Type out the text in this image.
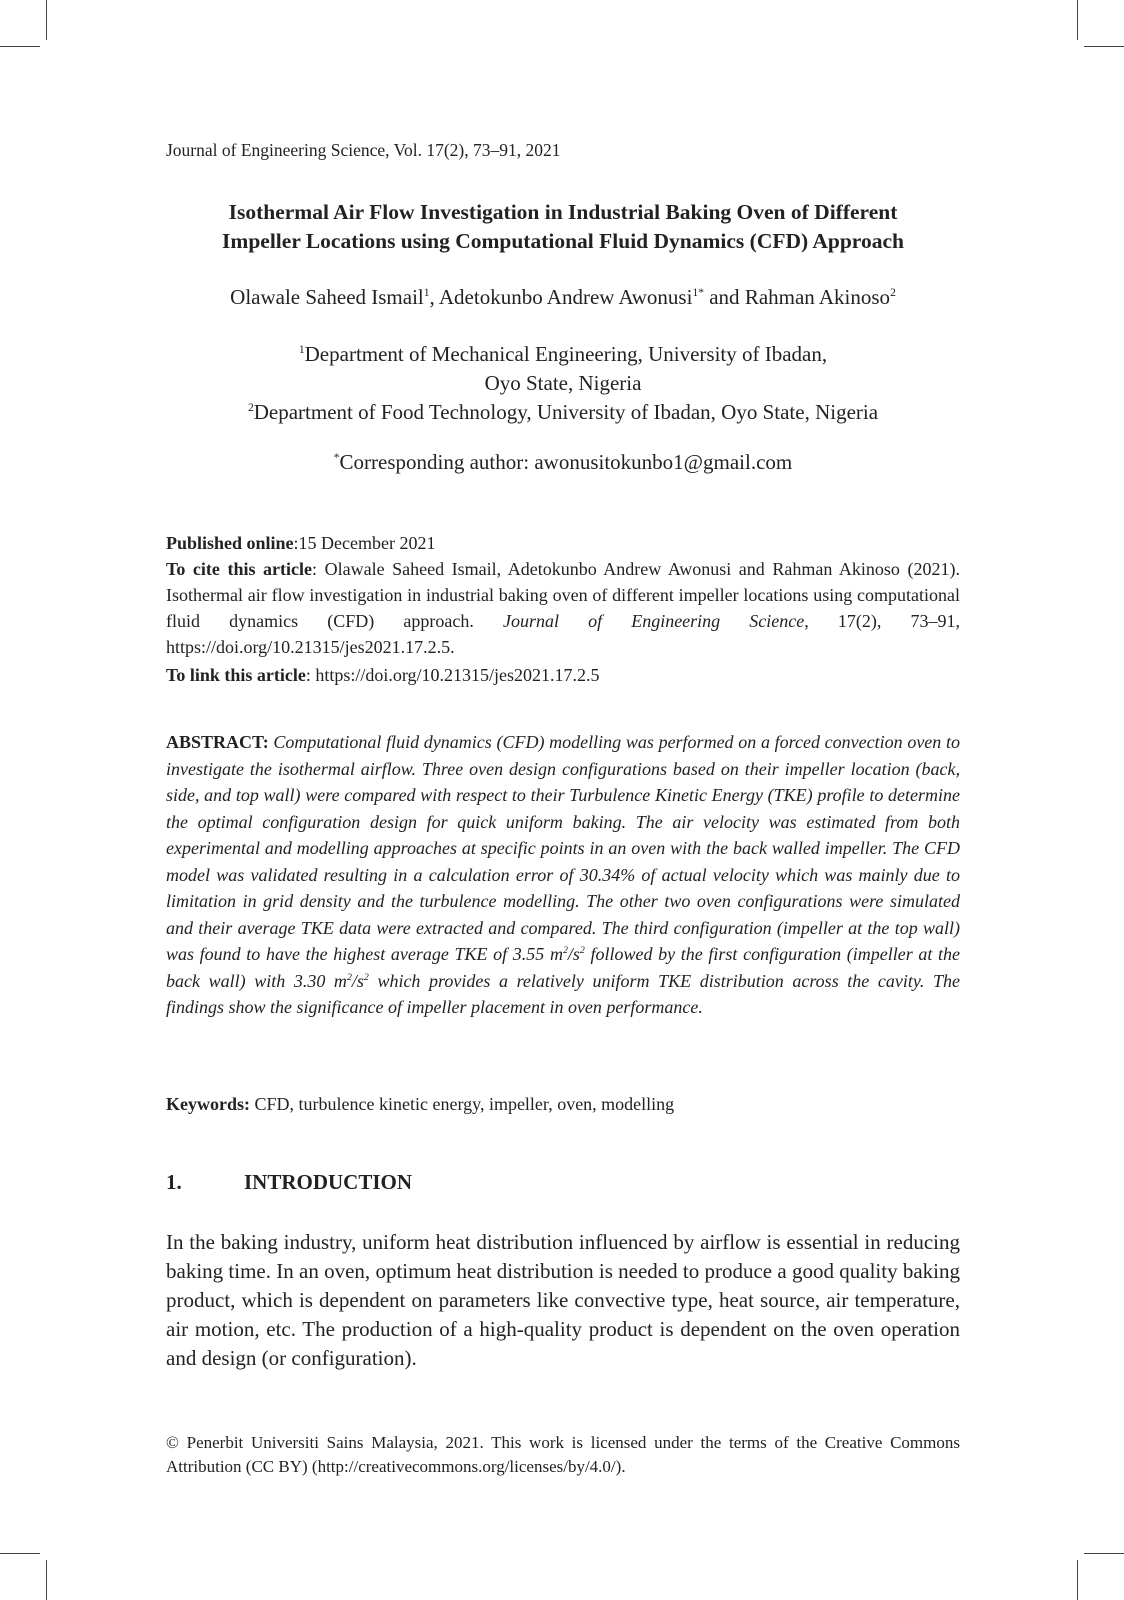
Journal of Engineering Science, Vol. 17(2), 73–91, 2021
Isothermal Air Flow Investigation in Industrial Baking Oven of Different
Impeller Locations using Computational Fluid Dynamics (CFD) Approach
Olawale Saheed Ismail$^1$, Adetokunbo Andrew Awonusi$^{1*}$ and Rahman Akinoso$^2$
$^1$Department of Mechanical Engineering, University of Ibadan,
Oyo State, Nigeria
$^2$Department of Food Technology, University of Ibadan, Oyo State, Nigeria
*Corresponding author: awonusitokunbo1@gmail.com
Published online:15 December 2021
To cite this article: Olawale Saheed Ismail, Adetokunbo Andrew Awonusi and Rahman Akinoso (2021). Isothermal air flow investigation in industrial baking oven of different impeller locations using computational fluid dynamics (CFD) approach. Journal of Engineering Science, 17(2), 73–91, https://doi.org/10.21315/jes2021.17.2.5.
To link this article: https://doi.org/10.21315/jes2021.17.2.5
ABSTRACT: Computational fluid dynamics (CFD) modelling was performed on a forced convection oven to investigate the isothermal airflow. Three oven design configurations based on their impeller location (back, side, and top wall) were compared with respect to their Turbulence Kinetic Energy (TKE) profile to determine the optimal configuration design for quick uniform baking. The air velocity was estimated from both experimental and modelling approaches at specific points in an oven with the back walled impeller. The CFD model was validated resulting in a calculation error of 30.34% of actual velocity which was mainly due to limitation in grid density and the turbulence modelling. The other two oven configurations were simulated and their average TKE data were extracted and compared. The third configuration (impeller at the top wall) was found to have the highest average TKE of 3.55 $m^2/s^2$ followed by the first configuration (impeller at the back wall) with 3.30 $m^2/s^2$ which provides a relatively uniform TKE distribution across the cavity. The findings show the significance of impeller placement in oven performance.
Keywords: CFD, turbulence kinetic energy, impeller, oven, modelling
1.	INTRODUCTION
In the baking industry, uniform heat distribution influenced by airflow is essential in reducing baking time. In an oven, optimum heat distribution is needed to produce a good quality baking product, which is dependent on parameters like convective type, heat source, air temperature, air motion, etc. The production of a high-quality product is dependent on the oven operation and design (or configuration).
© Penerbit Universiti Sains Malaysia, 2021. This work is licensed under the terms of the Creative Commons Attribution (CC BY) (http://creativecommons.org/licenses/by/4.0/).
